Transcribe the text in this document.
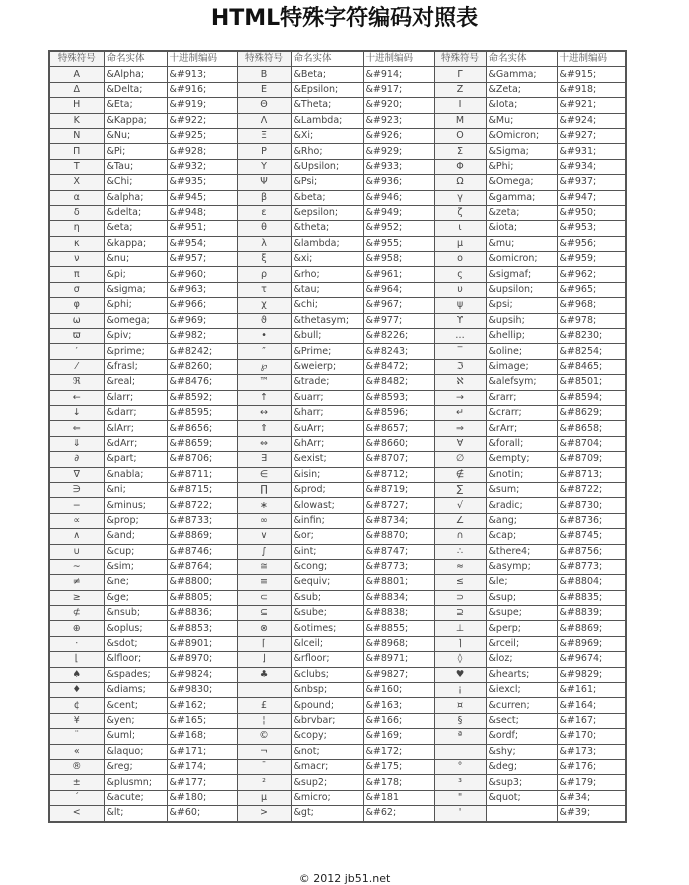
HTML特殊字符编码对照表
特殊符号	命名实体	十进制编码	特殊符号	命名实体	十进制编码	特殊符号	命名实体	十进制编码
Α	&Alpha;	&#913;	Β	&Beta;	&#914;	Γ	&Gamma;	&#915;
Δ	&Delta;	&#916;	Ε	&Epsilon;	&#917;	Ζ	&Zeta;	&#918;
Η	&Eta;	&#919;	Θ	&Theta;	&#920;	Ι	&Iota;	&#921;
Κ	&Kappa;	&#922;	Λ	&Lambda;	&#923;	Μ	&Mu;	&#924;
Ν	&Nu;	&#925;	Ξ	&Xi;	&#926;	Ο	&Omicron;	&#927;
Π	&Pi;	&#928;	Ρ	&Rho;	&#929;	Σ	&Sigma;	&#931;
Τ	&Tau;	&#932;	Υ	&Upsilon;	&#933;	Φ	&Phi;	&#934;
Χ	&Chi;	&#935;	Ψ	&Psi;	&#936;	Ω	&Omega;	&#937;
α	&alpha;	&#945;	β	&beta;	&#946;	γ	&gamma;	&#947;
δ	&delta;	&#948;	ε	&epsilon;	&#949;	ζ	&zeta;	&#950;
η	&eta;	&#951;	θ	&theta;	&#952;	ι	&iota;	&#953;
κ	&kappa;	&#954;	λ	&lambda;	&#955;	μ	&mu;	&#956;
ν	&nu;	&#957;	ξ	&xi;	&#958;	ο	&omicron;	&#959;
π	&pi;	&#960;	ρ	&rho;	&#961;	ς	&sigmaf;	&#962;
σ	&sigma;	&#963;	τ	&tau;	&#964;	υ	&upsilon;	&#965;
φ	&phi;	&#966;	χ	&chi;	&#967;	ψ	&psi;	&#968;
ω	&omega;	&#969;	ϑ	&thetasym;	&#977;	ϒ	&upsih;	&#978;
ϖ	&piv;	&#982;	•	&bull;	&#8226;	…	&hellip;	&#8230;
′	&prime;	&#8242;	″	&Prime;	&#8243;	‾	&oline;	&#8254;
⁄	&frasl;	&#8260;	℘	&weierp;	&#8472;	ℑ	&image;	&#8465;
ℜ	&real;	&#8476;	™	&trade;	&#8482;	ℵ	&alefsym;	&#8501;
←	&larr;	&#8592;	↑	&uarr;	&#8593;	→	&rarr;	&#8594;
↓	&darr;	&#8595;	↔	&harr;	&#8596;	↵	&crarr;	&#8629;
⇐	&lArr;	&#8656;	⇑	&uArr;	&#8657;	⇒	&rArr;	&#8658;
⇓	&dArr;	&#8659;	⇔	&hArr;	&#8660;	∀	&forall;	&#8704;
∂	&part;	&#8706;	∃	&exist;	&#8707;	∅	&empty;	&#8709;
∇	&nabla;	&#8711;	∈	&isin;	&#8712;	∉	&notin;	&#8713;
∋	&ni;	&#8715;	∏	&prod;	&#8719;	∑	&sum;	&#8722;
−	&minus;	&#8722;	∗	&lowast;	&#8727;	√	&radic;	&#8730;
∝	&prop;	&#8733;	∞	&infin;	&#8734;	∠	&ang;	&#8736;
∧	&and;	&#8869;	∨	&or;	&#8870;	∩	&cap;	&#8745;
∪	&cup;	&#8746;	∫	&int;	&#8747;	∴	&there4;	&#8756;
∼	&sim;	&#8764;	≅	&cong;	&#8773;	≈	&asymp;	&#8773;
≠	&ne;	&#8800;	≡	&equiv;	&#8801;	≤	&le;	&#8804;
≥	&ge;	&#8805;	⊂	&sub;	&#8834;	⊃	&sup;	&#8835;
⊄	&nsub;	&#8836;	⊆	&sube;	&#8838;	⊇	&supe;	&#8839;
⊕	&oplus;	&#8853;	⊗	&otimes;	&#8855;	⊥	&perp;	&#8869;
⋅	&sdot;	&#8901;	⌈	&lceil;	&#8968;	⌉	&rceil;	&#8969;
⌊	&lfloor;	&#8970;	⌋	&rfloor;	&#8971;	◊	&loz;	&#9674;
♠	&spades;	&#9824;	♣	&clubs;	&#9827;	♥	&hearts;	&#9829;
♦	&diams;	&#9830;		&nbsp;	&#160;	¡	&iexcl;	&#161;
¢	&cent;	&#162;	£	&pound;	&#163;	¤	&curren;	&#164;
¥	&yen;	&#165;	¦	&brvbar;	&#166;	§	&sect;	&#167;
¨	&uml;	&#168;	©	&copy;	&#169;	ª	&ordf;	&#170;
«	&laquo;	&#171;	¬	&not;	&#172;		&shy;	&#173;
®	&reg;	&#174;	¯	&macr;	&#175;	°	&deg;	&#176;
±	&plusmn;	&#177;	²	&sup2;	&#178;	³	&sup3;	&#179;
´	&acute;	&#180;	µ	&micro;	&#181	"	&quot;	&#34;
<	&lt;	&#60;	>	&gt;	&#62;	'		&#39;
© 2012 jb51.net
